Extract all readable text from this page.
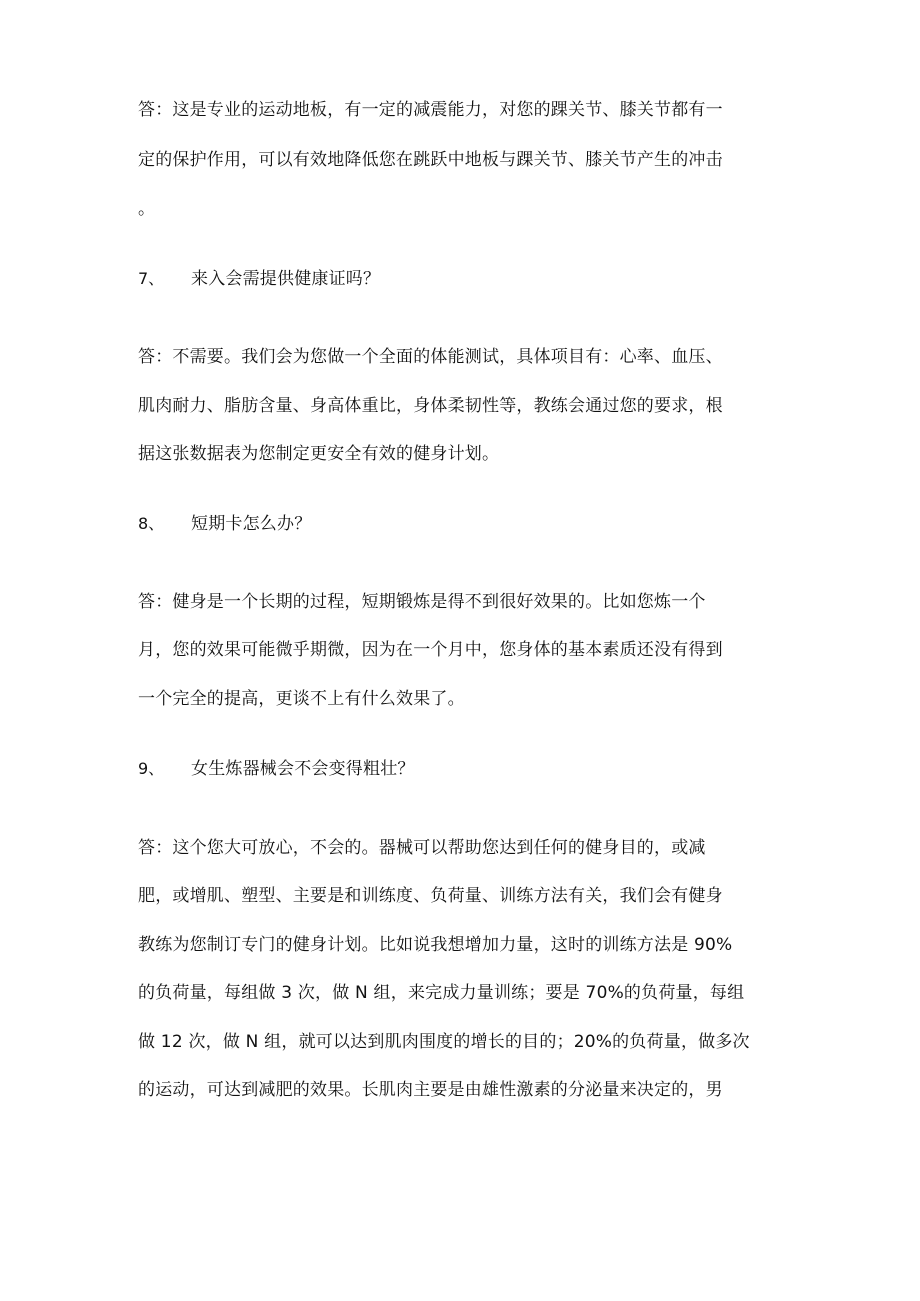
答：这是专业的运动地板，有一定的减震能力，对您的踝关节、膝关节都有一
定的保护作用，可以有效地降低您在跳跃中地板与踝关节、膝关节产生的冲击
。
7、 来入会需提供健康证吗？
答：不需要。我们会为您做一个全面的体能测试，具体项目有：心率、血压、
肌肉耐力、脂肪含量、身高体重比，身体柔韧性等，教练会通过您的要求，根
据这张数据表为您制定更安全有效的健身计划。
8、 短期卡怎么办？
答：健身是一个长期的过程，短期锻炼是得不到很好效果的。比如您炼一个
月，您的效果可能微乎期微，因为在一个月中，您身体的基本素质还没有得到
一个完全的提高，更谈不上有什么效果了。
9、 女生炼器械会不会变得粗壮？
答：这个您大可放心，不会的。器械可以帮助您达到任何的健身目的，或减
肥，或增肌、塑型、主要是和训练度、负荷量、训练方法有关，我们会有健身
教练为您制订专门的健身计划。比如说我想增加力量，这时的训练方法是 90%
的负荷量，每组做 3 次，做 N 组，来完成力量训练；要是 70%的负荷量，每组
做 12 次，做 N 组，就可以达到肌肉围度的增长的目的；20%的负荷量，做多次
的运动，可达到减肥的效果。长肌肉主要是由雄性激素的分泌量来决定的，男
